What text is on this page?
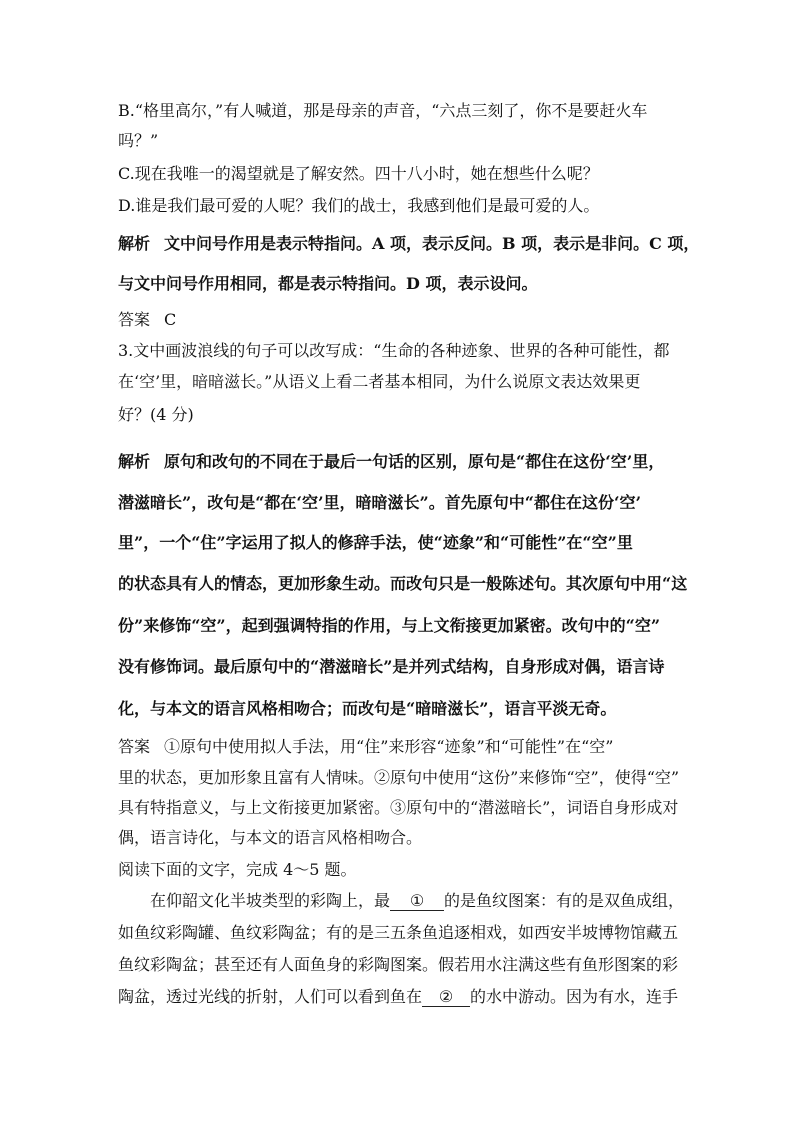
B.“格里高尔，”有人喊道，那是母亲的声音，“六点三刻了，你不是要赶火车
吗？”
C.现在我唯一的渴望就是了解安然。四十八小时，她在想些什么呢？
D.谁是我们最可爱的人呢？我们的战士，我感到他们是最可爱的人。
解析 文中问号作用是表示特指问。A 项，表示反问。B 项，表示是非问。C 项，
与文中问号作用相同，都是表示特指问。D 项，表示设问。
答案 C
3.文中画波浪线的句子可以改写成：“生命的各种迹象、世界的各种可能性，都
在‘空’里，暗暗滋长。”从语义上看二者基本相同，为什么说原文表达效果更
好？(4 分)
解析 原句和改句的不同在于最后一句话的区别，原句是“都住在这份‘空’里，
潜滋暗长”，改句是“都在‘空’里，暗暗滋长”。首先原句中“都住在这份‘空’
里”，一个“住”字运用了拟人的修辞手法，使“迹象”和“可能性”在“空”里
的状态具有人的情态，更加形象生动。而改句只是一般陈述句。其次原句中用“这
份”来修饰“空”，起到强调特指的作用，与上文衔接更加紧密。改句中的“空”
没有修饰词。最后原句中的“潜滋暗长”是并列式结构，自身形成对偶，语言诗
化，与本文的语言风格相吻合；而改句是“暗暗滋长”，语言平淡无奇。
答案 ①原句中使用拟人手法，用“住”来形容“迹象”和“可能性”在“空”
里的状态，更加形象且富有人情味。②原句中使用“这份”来修饰“空”，使得“空”
具有特指意义，与上文衔接更加紧密。③原句中的“潜滋暗长”，词语自身形成对
偶，语言诗化，与本文的语言风格相吻合。
阅读下面的文字，完成 4～5 题。
　　在仰韶文化半坡类型的彩陶上，最 ① 的是鱼纹图案：有的是双鱼成组，
如鱼纹彩陶罐、鱼纹彩陶盆；有的是三五条鱼追逐相戏，如西安半坡博物馆藏五
鱼纹彩陶盆；甚至还有人面鱼身的彩陶图案。假若用水注满这些有鱼形图案的彩
陶盆，透过光线的折射，人们可以看到鱼在 ② 的水中游动。因为有水，连手
